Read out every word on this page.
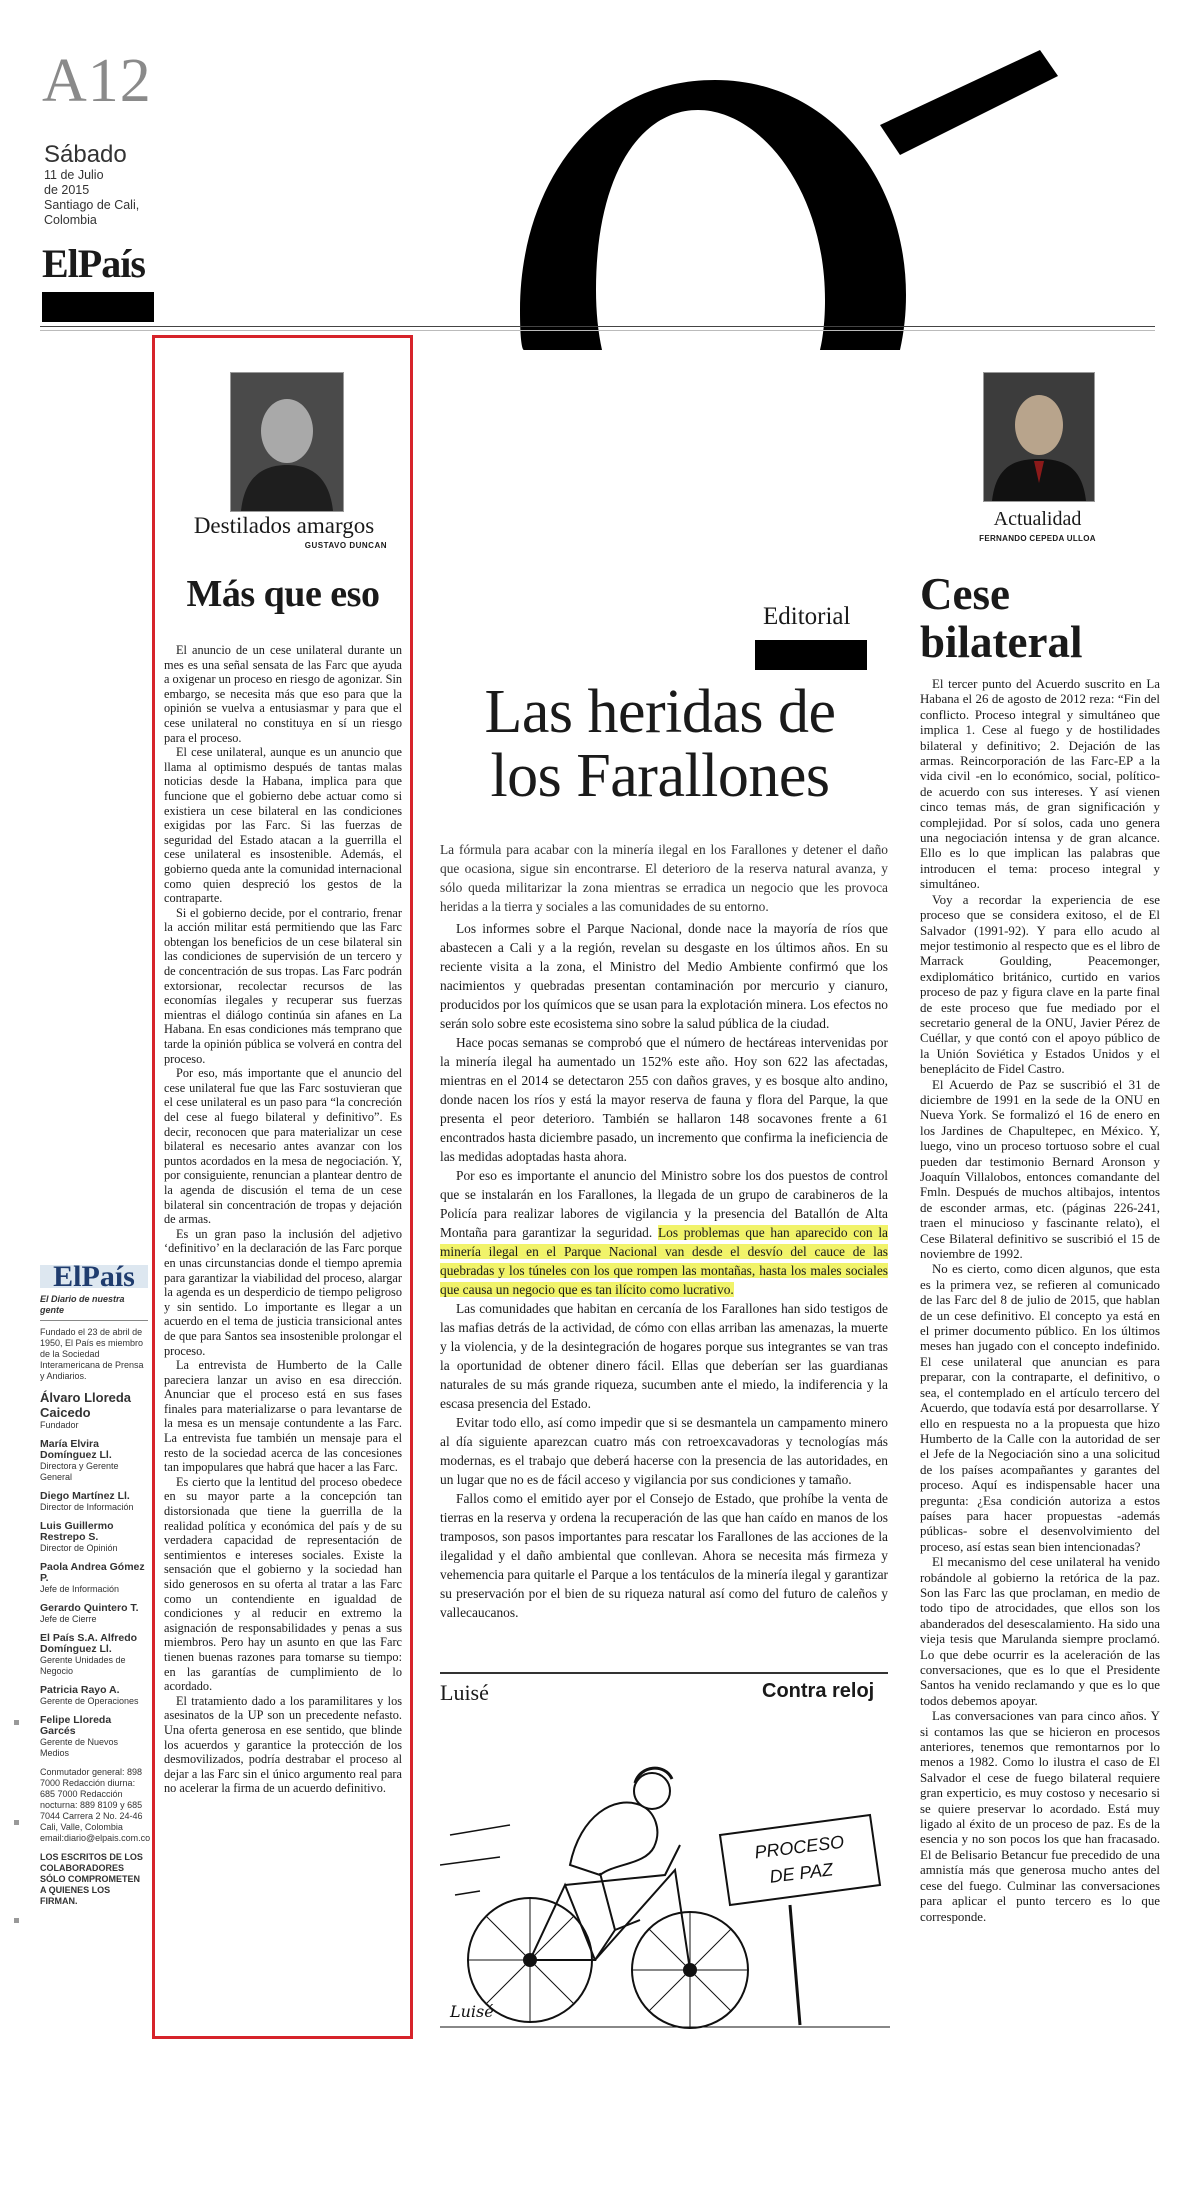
A12
Sábado
11 de Julio
de 2015
Santiago de Cali,
Colombia
ElPaís
ElPaís
El Diario de nuestra gente
Fundado el 23 de abril de 1950, El País es miembro de la Sociedad Interamericana de Prensa y Andiarios.
Álvaro Lloreda Caicedo
Fundador
María Elvira Domínguez Ll.
Directora y Gerente General
Diego Martínez Ll.
Director de Información
Luis Guillermo Restrepo S.
Director de Opinión
Paola Andrea Gómez P.
Jefe de Información
Gerardo Quintero T.
Jefe de Cierre
El País S.A. Alfredo Domínguez Ll.
Gerente Unidades de Negocio
Patricia Rayo A.
Gerente de Operaciones
Felipe Lloreda Garcés
Gerente de Nuevos Medios
Conmutador general: 898 7000 Redacción diurna: 685 7000 Redacción nocturna: 889 8109 y 685 7044 Carrera 2 No. 24-46 Cali, Valle, Colombia email:diario@elpais.com.co
LOS ESCRITOS DE LOS COLABORADORES SÓLO COMPROMETEN A QUIENES LOS FIRMAN.
Destilados amargos
GUSTAVO DUNCAN
Más que eso

El anuncio de un cese unilateral durante un mes es una señal sensata de las Farc que ayuda a oxigenar un proceso en riesgo de agonizar. Sin embargo, se necesita más que eso para que la opinión se vuelva a entusiasmar y para que el cese unilateral no constituya en sí un riesgo para el proceso.

El cese unilateral, aunque es un anuncio que llama al optimismo después de tantas malas noticias desde la Habana, implica para que funcione que el gobierno debe actuar como si existiera un cese bilateral en las condiciones exigidas por las Farc. Si las fuerzas de seguridad del Estado atacan a la guerrilla el cese unilateral es insostenible. Además, el gobierno queda ante la comunidad internacional como quien despreció los gestos de la contraparte.

Si el gobierno decide, por el contrario, frenar la acción militar está permitiendo que las Farc obtengan los beneficios de un cese bilateral sin las condiciones de supervisión de un tercero y de concentración de sus tropas. Las Farc podrán extorsionar, recolectar recursos de las economías ilegales y recuperar sus fuerzas mientras el diálogo continúa sin afanes en La Habana. En esas condiciones más temprano que tarde la opinión pública se volverá en contra del proceso.

Por eso, más importante que el anuncio del cese unilateral fue que las Farc sostuvieran que el cese unilateral es un paso para “la concreción del cese al fuego bilateral y definitivo”. Es decir, reconocen que para materializar un cese bilateral es necesario antes avanzar con los puntos acordados en la mesa de negociación. Y, por consiguiente, renuncian a plantear dentro de la agenda de discusión el tema de un cese bilateral sin concentración de tropas y dejación de armas.

Es un gran paso la inclusión del adjetivo ‘definitivo’ en la declaración de las Farc porque en unas circunstancias donde el tiempo apremia para garantizar la viabilidad del proceso, alargar la agenda es un desperdicio de tiempo peligroso y sin sentido. Lo importante es llegar a un acuerdo en el tema de justicia transicional antes de que para Santos sea insostenible prolongar el proceso.

La entrevista de Humberto de la Calle pareciera lanzar un aviso en esa dirección. Anunciar que el proceso está en sus fases finales para materializarse o para levantarse de la mesa es un mensaje contundente a las Farc. La entrevista fue también un mensaje para el resto de la sociedad acerca de las concesiones tan impopulares que habrá que hacer a las Farc.

Es cierto que la lentitud del proceso obedece en su mayor parte a la concepción tan distorsionada que tiene la guerrilla de la realidad política y económica del país y de su verdadera capacidad de representación de sentimientos e intereses sociales. Existe la sensación que el gobierno y la sociedad han sido generosos en su oferta al tratar a las Farc como un contendiente en igualdad de condiciones y al reducir en extremo la asignación de responsabilidades y penas a sus miembros. Pero hay un asunto en que las Farc tienen buenas razones para tomarse su tiempo: en las garantías de cumplimiento de lo acordado.

El tratamiento dado a los paramilitares y los asesinatos de la UP son un precedente nefasto. Una oferta generosa en ese sentido, que blinde los acuerdos y garantice la protección de los desmovilizados, podría destrabar el proceso al dejar a las Farc sin el único argumento real para no acelerar la firma de un acuerdo definitivo.

Editorial
Las heridas de
los Farallones
La fórmula para acabar con la minería ilegal en los Farallones y detener el daño que ocasiona, sigue sin encontrarse. El deterioro de la reserva natural avanza, y sólo queda militarizar la zona mientras se erradica un negocio que les provoca heridas a la tierra y sociales a las comunidades de su entorno.

Los informes sobre el Parque Nacional, donde nace la mayoría de ríos que abastecen a Cali y a la región, revelan su desgaste en los últimos años. En su reciente visita a la zona, el Ministro del Medio Ambiente confirmó que los nacimientos y quebradas presentan contaminación por mercurio y cianuro, producidos por los químicos que se usan para la explotación minera. Los efectos no serán solo sobre este ecosistema sino sobre la salud pública de la ciudad.

Hace pocas semanas se comprobó que el número de hectáreas intervenidas por la minería ilegal ha aumentado un 152% este año. Hoy son 622 las afectadas, mientras en el 2014 se detectaron 255 con daños graves, y es bosque alto andino, donde nacen los ríos y está la mayor reserva de fauna y flora del Parque, la que presenta el peor deterioro. También se hallaron 148 socavones frente a 61 encontrados hasta diciembre pasado, un incremento que confirma la ineficiencia de las medidas adoptadas hasta ahora.

Por eso es importante el anuncio del Ministro sobre los dos puestos de control que se instalarán en los Farallones, la llegada de un grupo de carabineros de la Policía para realizar labores de vigilancia y la presencia del Batallón de Alta Montaña para garantizar la seguridad. Los problemas que han aparecido con la minería ilegal en el Parque Nacional van desde el desvío del cauce de las quebradas y los túneles con los que rompen las montañas, hasta los males sociales que causa un negocio que es tan ilícito como lucrativo.

Las comunidades que habitan en cercanía de los Farallones han sido testigos de las mafias detrás de la actividad, de cómo con ellas arriban las amenazas, la muerte y la violencia, y de la desintegración de hogares porque sus integrantes se van tras la oportunidad de obtener dinero fácil. Ellas que deberían ser las guardianas naturales de su más grande riqueza, sucumben ante el miedo, la indiferencia y la escasa presencia del Estado.

Evitar todo ello, así como impedir que si se desmantela un campamento minero al día siguiente aparezcan cuatro más con retroexcavadoras y tecnologías más modernas, es el trabajo que deberá hacerse con la presencia de las autoridades, en un lugar que no es de fácil acceso y vigilancia por sus condiciones y tamaño.

Fallos como el emitido ayer por el Consejo de Estado, que prohíbe la venta de tierras en la reserva y ordena la recuperación de las que han caído en manos de los tramposos, son pasos importantes para rescatar los Farallones de las acciones de la ilegalidad y el daño ambiental que conllevan. Ahora se necesita más firmeza y vehemencia para quitarle el Parque a los tentáculos de la minería ilegal y garantizar su preservación por el bien de su riqueza natural así como del futuro de caleños y vallecaucanos.

Luisé	Contra reloj
PROCESO
DE PAZ
Luisé
Actualidad
FERNANDO CEPEDA ULLOA
Cese
bilateral

El tercer punto del Acuerdo suscrito en La Habana el 26 de agosto de 2012 reza: “Fin del conflicto. Proceso integral y simultáneo que implica 1. Cese al fuego y de hostilidades bilateral y definitivo; 2. Dejación de las armas. Reincorporación de las Farc-EP a la vida civil -en lo económico, social, político- de acuerdo con sus intereses. Y así vienen cinco temas más, de gran significación y complejidad. Por sí solos, cada uno genera una negociación intensa y de gran alcance. Ello es lo que implican las palabras que introducen el tema: proceso integral y simultáneo.

Voy a recordar la experiencia de ese proceso que se considera exitoso, el de El Salvador (1991-92). Y para ello acudo al mejor testimonio al respecto que es el libro de Marrack Goulding, Peacemonger, exdiplomático británico, curtido en varios proceso de paz y figura clave en la parte final de este proceso que fue mediado por el secretario general de la ONU, Javier Pérez de Cuéllar, y que contó con el apoyo público de la Unión Soviética y Estados Unidos y el beneplácito de Fidel Castro.

El Acuerdo de Paz se suscribió el 31 de diciembre de 1991 en la sede de la ONU en Nueva York. Se formalizó el 16 de enero en los Jardines de Chapultepec, en México. Y, luego, vino un proceso tortuoso sobre el cual pueden dar testimonio Bernard Aronson y Joaquín Villalobos, entonces comandante del Fmln. Después de muchos altibajos, intentos de esconder armas, etc. (páginas 226-241, traen el minucioso y fascinante relato), el Cese Bilateral definitivo se suscribió el 15 de noviembre de 1992.

No es cierto, como dicen algunos, que esta es la primera vez, se refieren al comunicado de las Farc del 8 de julio de 2015, que hablan de un cese definitivo. El concepto ya está en el primer documento público. En los últimos meses han jugado con el concepto indefinido. El cese unilateral que anuncian es para preparar, con la contraparte, el definitivo, o sea, el contemplado en el artículo tercero del Acuerdo, que todavía está por desarrollarse. Y ello en respuesta no a la propuesta que hizo Humberto de la Calle con la autoridad de ser el Jefe de la Negociación sino a una solicitud de los países acompañantes y garantes del proceso. Aquí es indispensable hacer una pregunta: ¿Esa condición autoriza a estos países para hacer propuestas -además públicas- sobre el desenvolvimiento del proceso, así estas sean bien intencionadas?

El mecanismo del cese unilateral ha venido robándole al gobierno la retórica de la paz. Son las Farc las que proclaman, en medio de todo tipo de atrocidades, que ellos son los abanderados del desescalamiento. Ha sido una vieja tesis que Marulanda siempre proclamó. Lo que debe ocurrir es la aceleración de las conversaciones, que es lo que el Presidente Santos ha venido reclamando y que es lo que todos debemos apoyar.

Las conversaciones van para cinco años. Y si contamos las que se hicieron en procesos anteriores, tenemos que remontarnos por lo menos a 1982. Como lo ilustra el caso de El Salvador el cese de fuego bilateral requiere gran experticio, es muy costoso y necesario si se quiere preservar lo acordado. Está muy ligado al éxito de un proceso de paz. Es de la esencia y no son pocos los que han fracasado. El de Belisario Betancur fue precedido de una amnistía más que generosa mucho antes del cese del fuego. Culminar las conversaciones para aplicar el punto tercero es lo que corresponde.
